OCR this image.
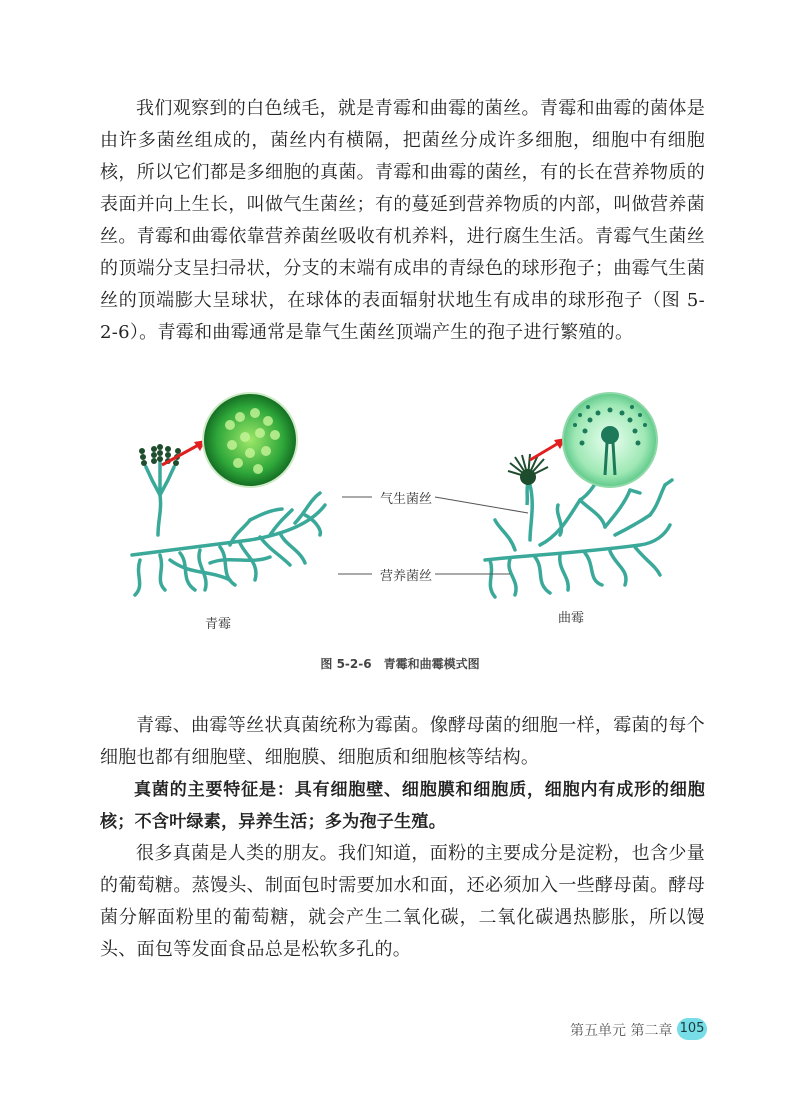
我们观察到的白色绒毛，就是青霉和曲霉的菌丝。青霉和曲霉的菌体是由许多菌丝组成的，菌丝内有横隔，把菌丝分成许多细胞，细胞中有细胞核，所以它们都是多细胞的真菌。青霉和曲霉的菌丝，有的长在营养物质的表面并向上生长，叫做气生菌丝；有的蔓延到营养物质的内部，叫做营养菌丝。青霉和曲霉依靠营养菌丝吸收有机养料，进行腐生生活。青霉气生菌丝的顶端分支呈扫帚状，分支的末端有成串的青绿色的球形孢子；曲霉气生菌丝的顶端膨大呈球状，在球体的表面辐射状地生有成串的球形孢子（图 5-2-6）。青霉和曲霉通常是靠气生菌丝顶端产生的孢子进行繁殖的。

气生菌丝
营养菌丝
青霉	曲霉
图 5-2-6　青霉和曲霉模式图

青霉、曲霉等丝状真菌统称为霉菌。像酵母菌的细胞一样，霉菌的每个细胞也都有细胞壁、细胞膜、细胞质和细胞核等结构。

真菌的主要特征是：具有细胞壁、细胞膜和细胞质，细胞内有成形的细胞核；不含叶绿素，异养生活；多为孢子生殖。

很多真菌是人类的朋友。我们知道，面粉的主要成分是淀粉，也含少量的葡萄糖。蒸馒头、制面包时需要加水和面，还必须加入一些酵母菌。酵母菌分解面粉里的葡萄糖，就会产生二氧化碳，二氧化碳遇热膨胀，所以馒头、面包等发面食品总是松软多孔的。

第五单元 第二章 105
